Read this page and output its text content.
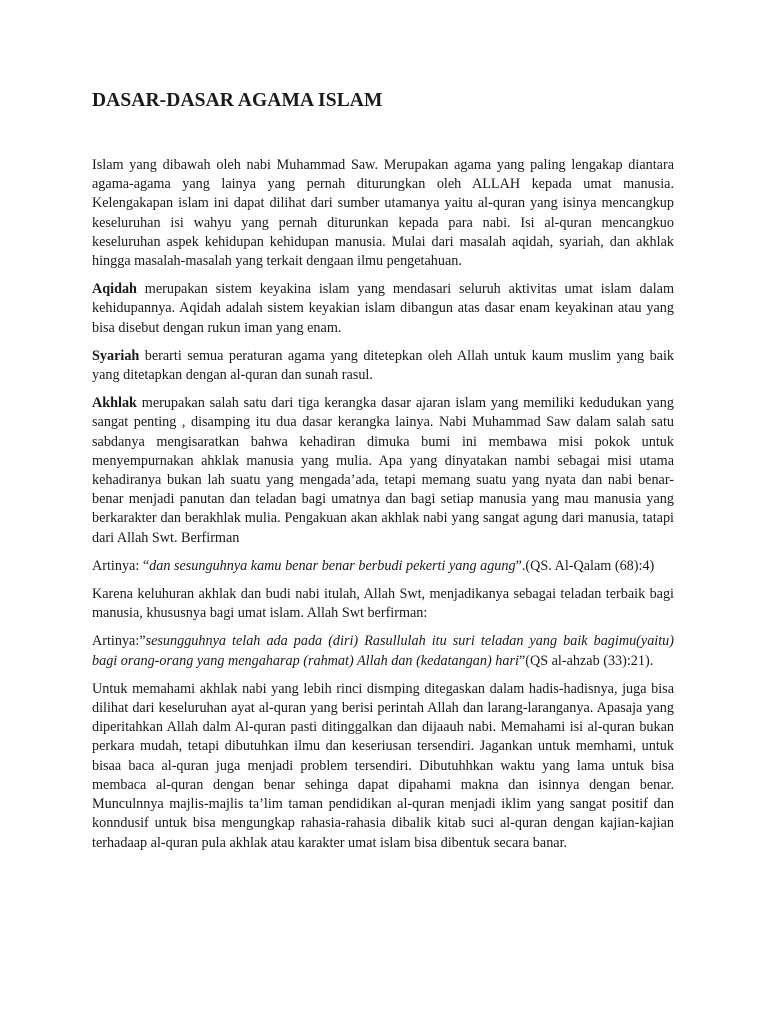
DASAR-DASAR AGAMA ISLAM

Islam yang dibawah oleh nabi Muhammad Saw. Merupakan agama yang paling lengakap diantara agama-agama yang lainya yang pernah diturungkan oleh ALLAH kepada umat manusia. Kelengakapan islam ini dapat dilihat dari sumber utamanya yaitu al-quran yang isinya mencangkup keseluruhan isi wahyu yang pernah diturunkan kepada para nabi. Isi al-quran mencangkuo keseluruhan aspek kehidupan kehidupan manusia. Mulai dari masalah aqidah, syariah, dan akhlak hingga masalah-masalah yang terkait dengaan ilmu pengetahuan.

Aqidah merupakan sistem keyakina islam yang mendasari seluruh aktivitas umat islam dalam kehidupannya. Aqidah adalah sistem keyakian islam dibangun atas dasar enam keyakinan atau yang bisa disebut dengan rukun iman yang enam.

Syariah berarti semua peraturan agama yang ditetepkan oleh Allah untuk kaum muslim yang baik yang ditetapkan dengan al-quran dan sunah rasul.

Akhlak merupakan salah satu dari tiga kerangka dasar ajaran islam yang memiliki kedudukan yang sangat penting , disamping itu dua dasar kerangka lainya. Nabi Muhammad Saw dalam salah satu sabdanya mengisaratkan bahwa kehadiran dimuka bumi ini membawa misi pokok untuk menyempurnakan ahklak manusia yang mulia. Apa yang dinyatakan nambi sebagai misi utama kehadiranya bukan lah suatu yang mengada’ada, tetapi memang suatu yang nyata dan nabi benar-benar menjadi panutan dan teladan bagi umatnya dan bagi setiap manusia yang mau manusia yang berkarakter dan berakhlak mulia. Pengakuan akan akhlak nabi yang sangat agung dari manusia, tatapi dari Allah Swt. Berfirman

Artinya: “dan sesunguhnya kamu benar benar berbudi pekerti yang agung”.(QS. Al-Qalam (68):4)

Karena keluhuran akhlak dan budi nabi itulah, Allah Swt, menjadikanya sebagai teladan terbaik bagi manusia, khususnya bagi umat islam. Allah Swt berfirman:

Artinya:”sesungguhnya telah ada pada (diri) Rasullulah itu suri teladan yang baik bagimu(yaitu) bagi orang-orang yang mengaharap (rahmat) Allah dan (kedatangan) hari”(QS al-ahzab (33):21).

Untuk memahami akhlak nabi yang lebih rinci dismping ditegaskan dalam hadis-hadisnya, juga bisa dilihat dari keseluruhan ayat al-quran yang berisi perintah Allah dan larang-laranganya. Apasaja yang diperitahkan Allah dalm Al-quran pasti ditinggalkan dan dijaauh nabi. Memahami isi al-quran bukan perkara mudah, tetapi dibutuhkan ilmu dan keseriusan tersendiri. Jagankan untuk memhami, untuk bisaa baca al-quran juga menjadi problem tersendiri. Dibutuhhkan waktu yang lama untuk bisa membaca al-quran dengan benar sehinga dapat dipahami makna dan isinnya dengan benar. Munculnnya majlis-majlis ta’lim taman pendidikan al-quran menjadi iklim yang sangat positif dan konndusif untuk bisa mengungkap rahasia-rahasia dibalik kitab suci al-quran dengan kajian-kajian terhadaap al-quran pula akhlak atau karakter umat islam bisa dibentuk secara banar.
